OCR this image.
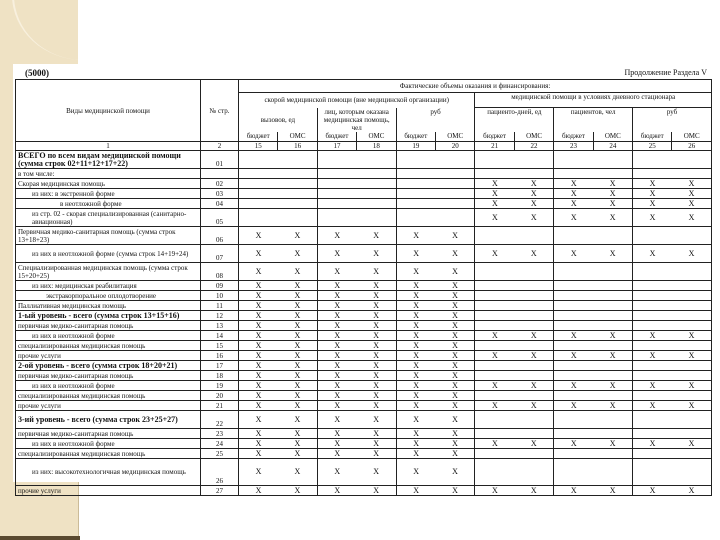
(5000)	Продолжение Раздела V
Виды медицинской помощи	№ стр.	Фактические объемы оказания и финансирования:											
		скорой медицинской помощи (вне медицинской организации)						медицинской помощи в условиях дневного стационара					
		вызовов, ед		лиц, которым оказана медицинская помощь, чел		руб		пациенто-дней, ед		пациентов, чел		руб	
		бюджет	ОМС	бюджет	ОМС	бюджет	ОМС	бюджет	ОМС	бюджет	ОМС	бюджет	ОМС
1	2	15	16	17	18	19	20	21	22	23	24	25	26
ВСЕГО по всем видам медицинской помощи (сумма строк 02+11+12+17+22)	01												
в том числе:													
Скорая медицинская помощь	02							X	X	X	X	X	X
из них: в экстренной форме	03							X	X	X	X	X	X
в неотложной форме	04							X	X	X	X	X	X
из стр. 02 - скорая специализированная (санитарно-авиационная)	05							X	X	X	X	X	X
Первичная медико-санитарная помощь (сумма строк 13+18+23)	06	X	X	X	X	X	X						
из них в неотложной форме (сумма строк 14+19+24)	07	X	X	X	X	X	X	X	X	X	X	X	X
Специализированная медицинская помощь (сумма строк 15+20+25)	08	X	X	X	X	X	X						
из них: медицинская реабилитация	09	X	X	X	X	X	X						
экстракорпоральное оплодотворение	10	X	X	X	X	X	X						
Паллиативная медицинская помощь	11	X	X	X	X	X	X						
1-ый уровень - всего (сумма строк 13+15+16)	12	X	X	X	X	X	X						
первичная медико-санитарная помощь	13	X	X	X	X	X	X						
из них в неотложной форме	14	X	X	X	X	X	X	X	X	X	X	X	X
специализированная медицинская помощь	15	X	X	X	X	X	X						
прочие услуги	16	X	X	X	X	X	X	X	X	X	X	X	X
2-ой уровень - всего (сумма строк 18+20+21)	17	X	X	X	X	X	X						
первичная медико-санитарная помощь	18	X	X	X	X	X	X						
из них в неотложной форме	19	X	X	X	X	X	X	X	X	X	X	X	X
специализированная медицинская помощь	20	X	X	X	X	X	X						
прочие услуги	21	X	X	X	X	X	X	X	X	X	X	X	X
3-ий уровень - всего (сумма строк 23+25+27)	22	X	X	X	X	X	X						
первичная медико-санитарная помощь	23	X	X	X	X	X	X						
из них в неотложной форме	24	X	X	X	X	X	X	X	X	X	X	X	X
специализированная медицинская помощь	25	X	X	X	X	X	X						
из них: высокотехнологичная медицинская помощь	26	X	X	X	X	X	X						
прочие услуги	27	X	X	X	X	X	X	X	X	X	X	X	X
